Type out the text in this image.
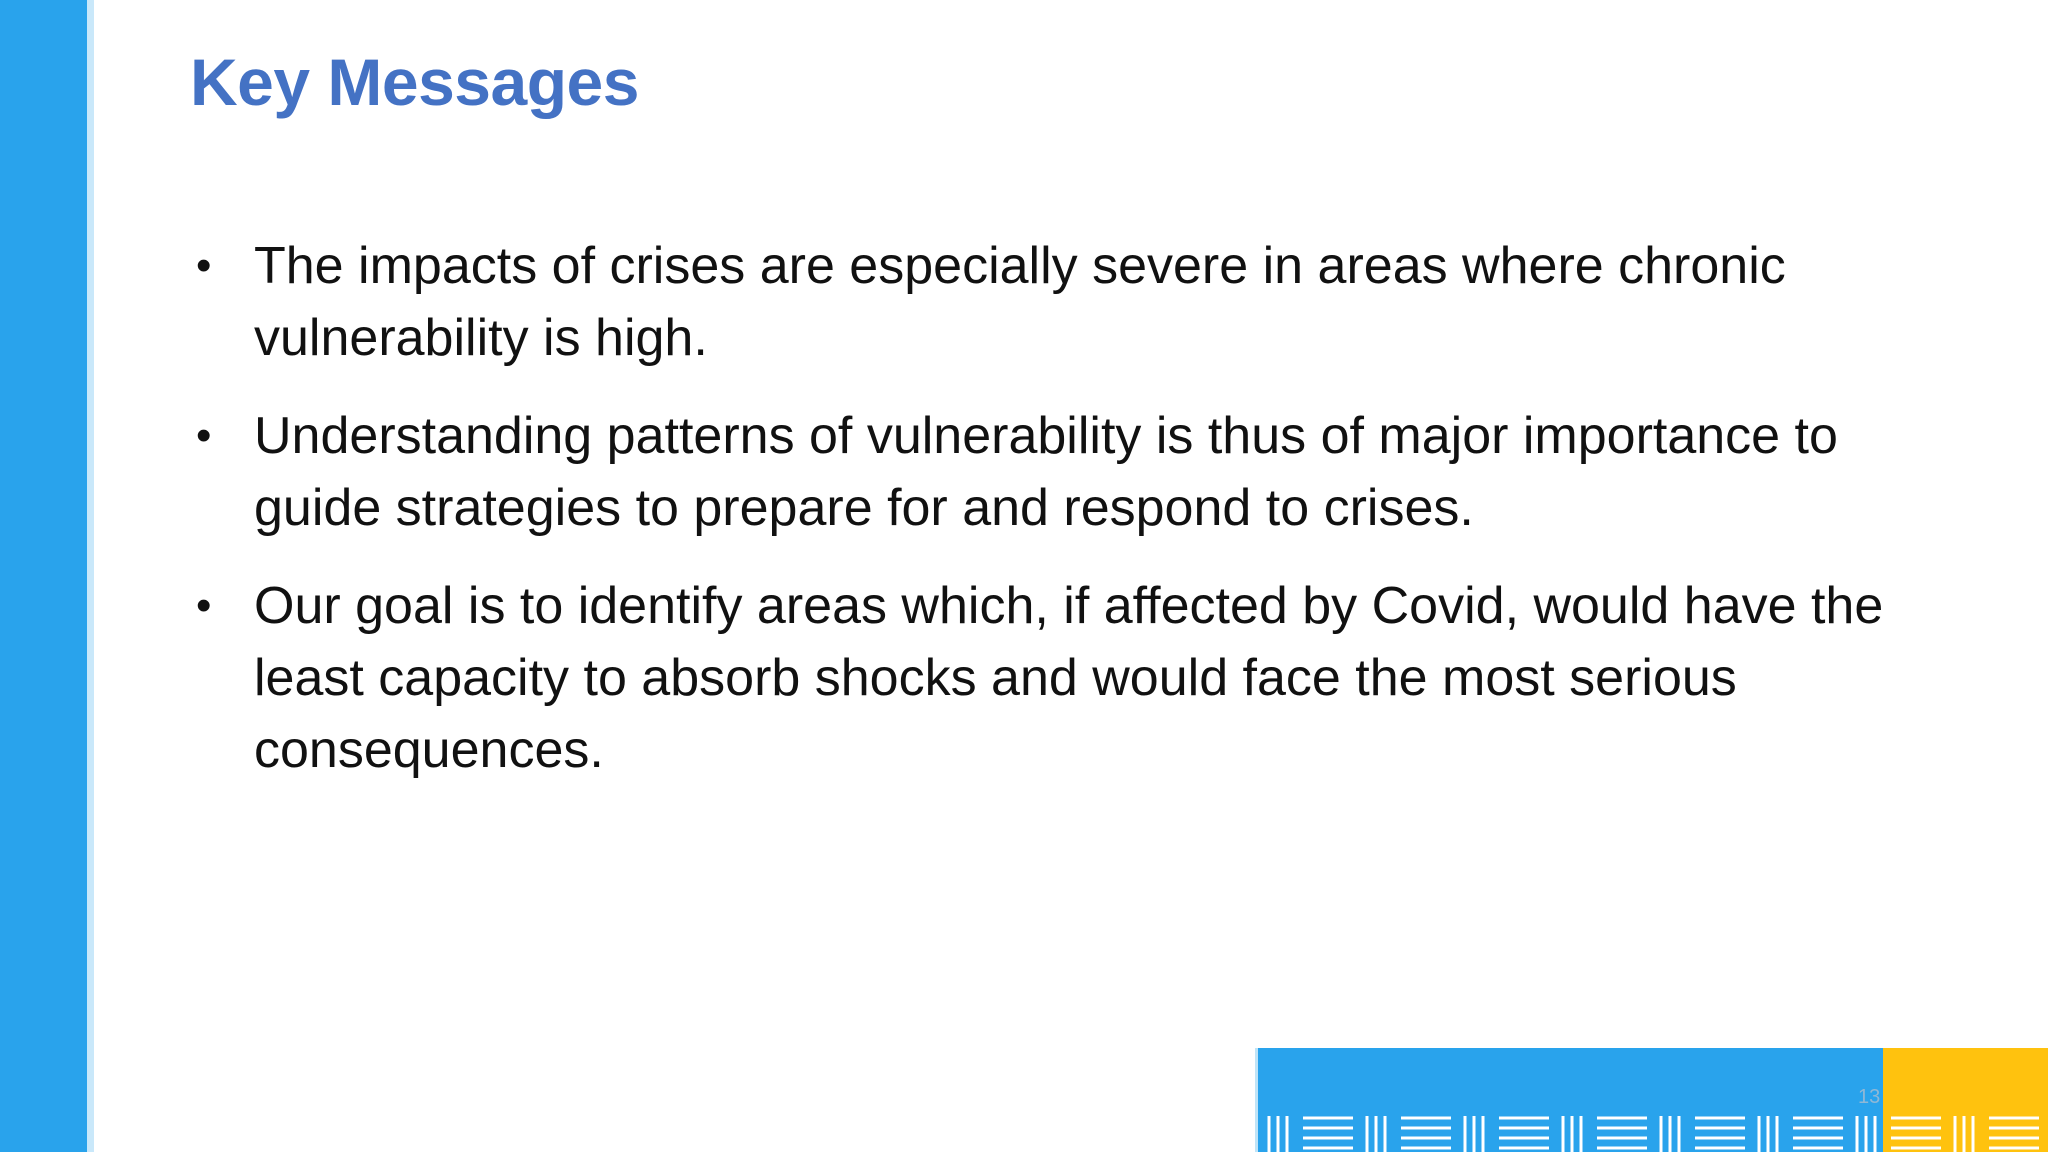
Key Messages
• The impacts of crises are especially severe in areas where chronic vulnerability is high.
• Understanding patterns of vulnerability is thus of major importance to guide strategies to prepare for and respond to crises.
• Our goal is to identify areas which, if affected by Covid, would have the least capacity to absorb shocks and would face the most serious consequences.
13
